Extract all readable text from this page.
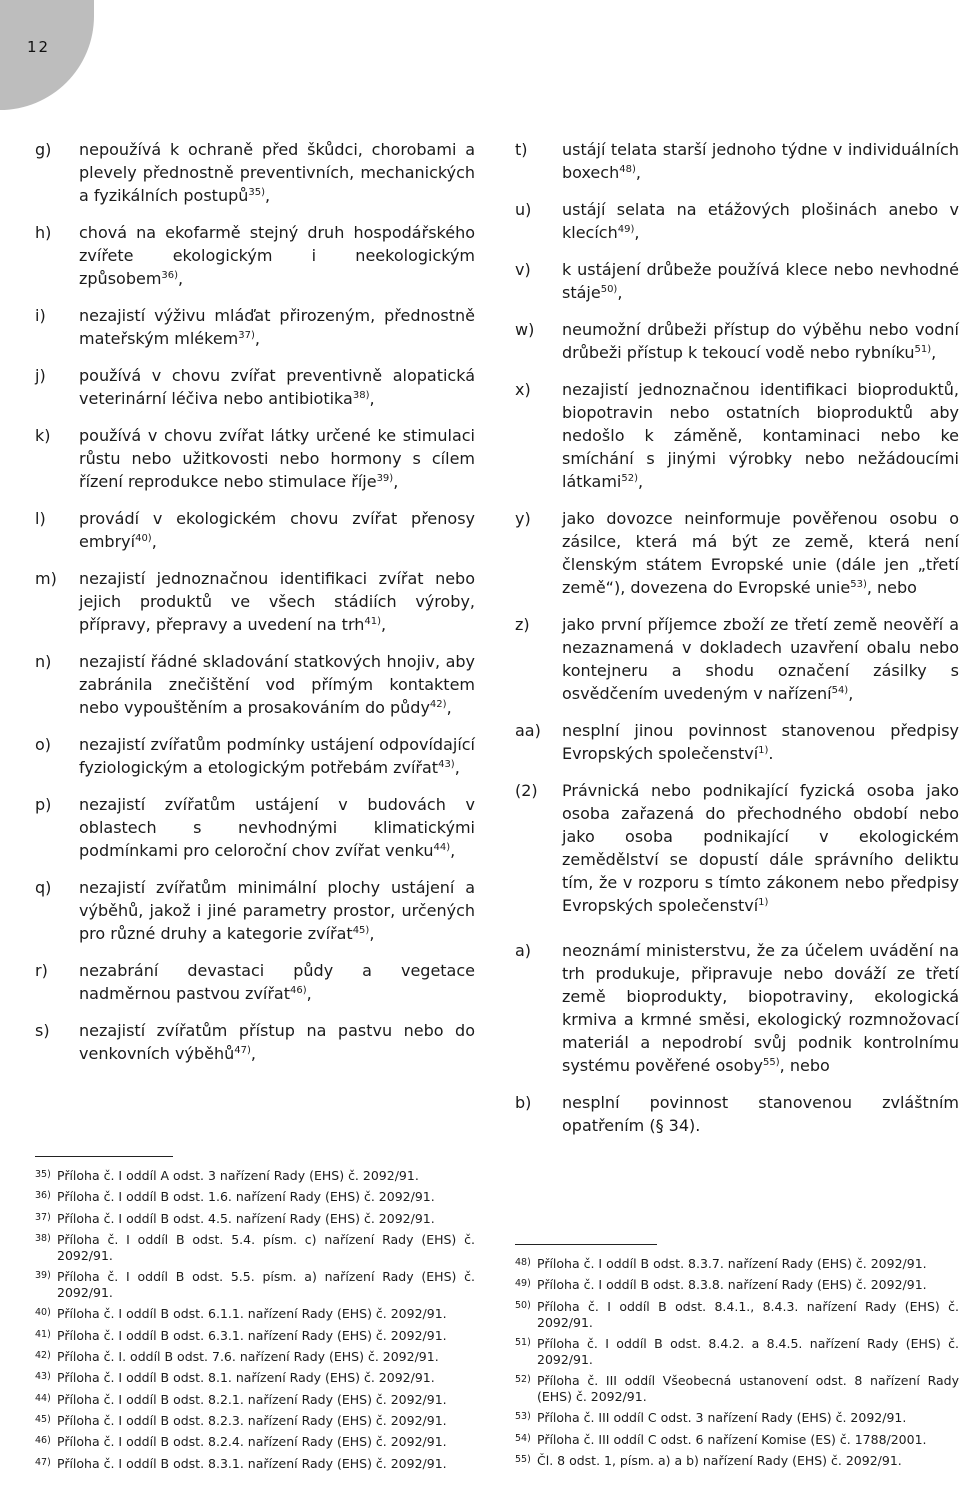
12
g)	nepoužívá k ochraně před škůdci, chorobami a plevely přednostně preventivních, mechanických a fyzikálních postupů$^{35)}$,
h)	chová na ekofarmě stejný druh hospodářského zvířete ekologickým i neekologickým způsobem$^{36)}$,
i)	nezajistí výživu mláďat přirozeným, přednostně mateřským mlékem$^{37)}$,
j)	používá v chovu zvířat preventivně alopatická veterinární léčiva nebo antibiotika$^{38)}$,
k)	používá v chovu zvířat látky určené ke stimulaci růstu nebo užitkovosti nebo hormony s cílem řízení reprodukce nebo stimulace říje$^{39)}$,
l)	provádí v ekologickém chovu zvířat přenosy embryí$^{40)}$,
m)	nezajistí jednoznačnou identifikaci zvířat nebo jejich produktů ve všech stádiích výroby, přípravy, přepravy a uvedení na trh$^{41)}$,
n)	nezajistí řádné skladování statkových hnojiv, aby zabránila znečištění vod přímým kontaktem nebo vypouštěním a prosakováním do půdy$^{42)}$,
o)	nezajistí zvířatům podmínky ustájení odpovídající fyziologickým a etologickým potřebám zvířat$^{43)}$,
p)	nezajistí zvířatům ustájení v budovách v oblastech s nevhodnými klimatickými podmínkami pro celoroční chov zvířat venku$^{44)}$,
q)	nezajistí zvířatům minimální plochy ustájení a výběhů, jakož i jiné parametry prostor, určených pro různé druhy a kategorie zvířat$^{45)}$,
r)	nezabrání devastaci půdy a vegetace nadměrnou pastvou zvířat$^{46)}$,
s)	nezajistí zvířatům přístup na pastvu nebo do venkovních výběhů$^{47)}$,
t)	ustájí telata starší jednoho týdne v individuálních boxech$^{48)}$,
u)	ustájí selata na etážových plošinách anebo v klecích$^{49)}$,
v)	k ustájení drůbeže používá klece nebo nevhodné stáje$^{50)}$,
w)	neumožní drůbeži přístup do výběhu nebo vodní drůbeži přístup k tekoucí vodě nebo rybníku$^{51)}$,
x)	nezajistí jednoznačnou identifikaci bioproduktů, biopotravin nebo ostatních bioproduktů aby nedošlo k záměně, kontaminaci nebo ke smíchání s jinými výrobky nebo nežádoucími látkami$^{52)}$,
y)	jako dovozce neinformuje pověřenou osobu o zásilce, která má být ze země, která není členským státem Evropské unie (dále jen „třetí země“), dovezena do Evropské unie$^{53)}$, nebo
z)	jako první příjemce zboží ze třetí země neověří a nezaznamená v dokladech uzavření obalu nebo kontejneru a shodu označení zásilky s osvědčením uvedeným v nařízení$^{54)}$,
aa)	nesplní jinou povinnost stanovenou předpisy Evropských společenství$^{1)}$.
(2)	Právnická nebo podnikající fyzická osoba jako osoba zařazená do přechodného období nebo jako osoba podnikající v ekologickém zemědělství se dopustí dále správního deliktu tím, že v rozporu s tímto zákonem nebo předpisy Evropských společenství$^{1)}$
a)	neoznámí ministerstvu, že za účelem uvádění na trh produkuje, připravuje nebo dováží ze třetí země bioprodukty, biopotraviny, ekologická krmiva a krmné směsi, ekologický rozmnožovací materiál a nepodrobí svůj podnik kontrolnímu systému pověřené osoby$^{55)}$, nebo
b)	nesplní povinnost stanovenou zvláštním opatřením (§ 34).
35) Příloha č. I oddíl A odst. 3 nařízení Rady (EHS) č. 2092/91.
36) Příloha č. I oddíl B odst. 1.6. nařízení Rady (EHS) č. 2092/91.
37) Příloha č. I oddíl B odst. 4.5. nařízení Rady (EHS) č. 2092/91.
38) Příloha č. I oddíl B odst. 5.4. písm. c) nařízení Rady (EHS) č. 2092/91.
39) Příloha č. I oddíl B odst. 5.5. písm. a) nařízení Rady (EHS) č. 2092/91.
40) Příloha č. I oddíl B odst. 6.1.1. nařízení Rady (EHS) č. 2092/91.
41) Příloha č. I oddíl B odst. 6.3.1. nařízení Rady (EHS) č. 2092/91.
42) Příloha č. I. oddíl B odst. 7.6. nařízení Rady (EHS) č. 2092/91.
43) Příloha č. I oddíl B odst. 8.1. nařízení Rady (EHS) č. 2092/91.
44) Příloha č. I oddíl B odst. 8.2.1. nařízení Rady (EHS) č. 2092/91.
45) Příloha č. I oddíl B odst. 8.2.3. nařízení Rady (EHS) č. 2092/91.
46) Příloha č. I oddíl B odst. 8.2.4. nařízení Rady (EHS) č. 2092/91.
47) Příloha č. I oddíl B odst. 8.3.1. nařízení Rady (EHS) č. 2092/91.
48) Příloha č. I oddíl B odst. 8.3.7. nařízení Rady (EHS) č. 2092/91.
49) Příloha č. I oddíl B odst. 8.3.8. nařízení Rady (EHS) č. 2092/91.
50) Příloha č. I oddíl B odst. 8.4.1., 8.4.3. nařízení Rady (EHS) č. 2092/91.
51) Příloha č. I oddíl B odst. 8.4.2. a 8.4.5. nařízení Rady (EHS) č. 2092/91.
52) Příloha č. III oddíl Všeobecná ustanovení odst. 8 nařízení Rady (EHS) č. 2092/91.
53) Příloha č. III oddíl C odst. 3 nařízení Rady (EHS) č. 2092/91.
54) Příloha č. III oddíl C odst. 6 nařízení Komise (ES) č. 1788/2001.
55) Čl. 8 odst. 1, písm. a) a b) nařízení Rady (EHS) č. 2092/91.
